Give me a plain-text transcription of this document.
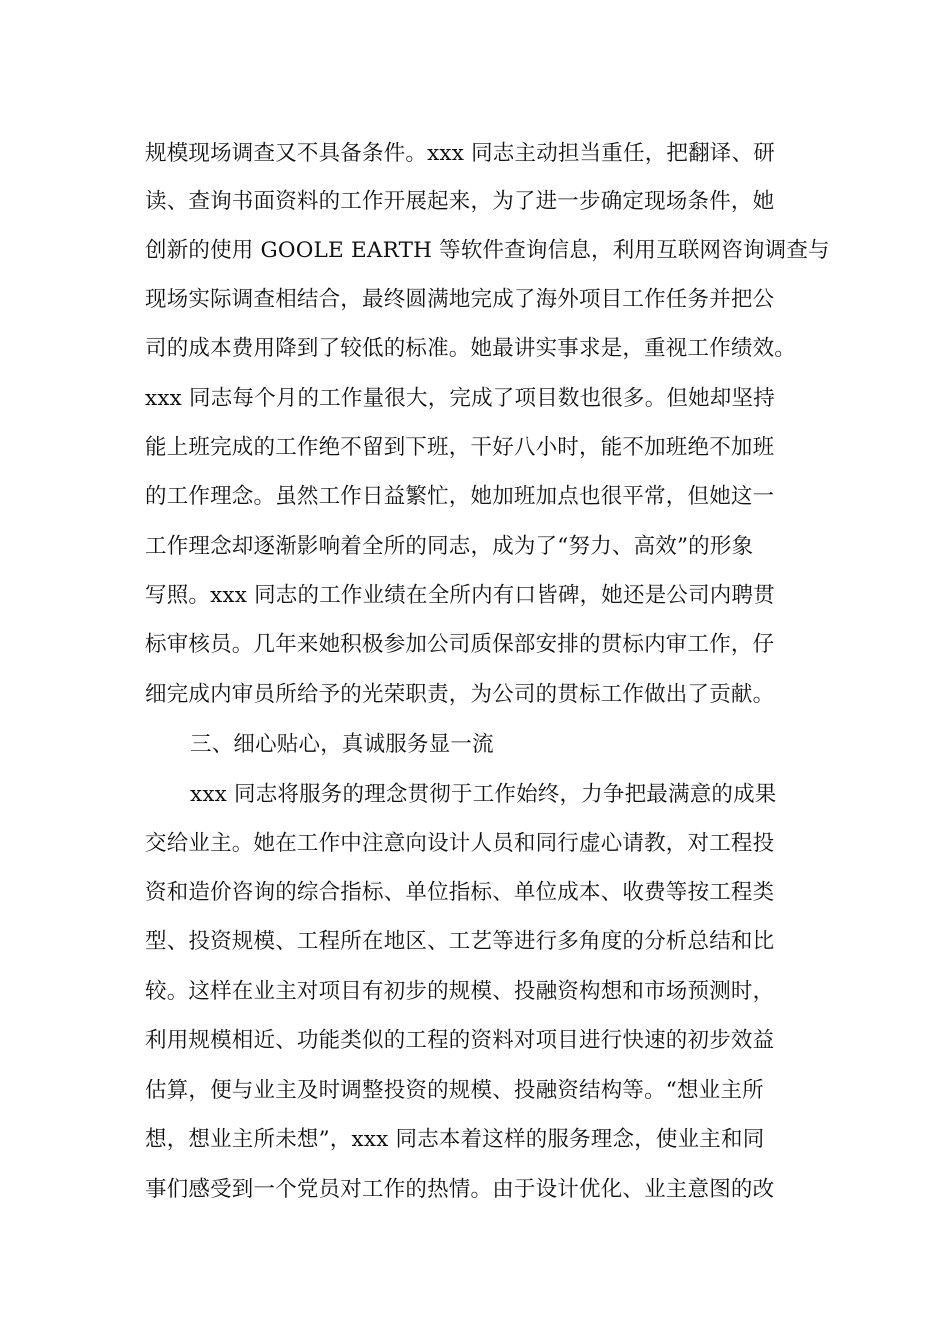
规模现场调查又不具备条件。xxx 同志主动担当重任，把翻译、研
读、查询书面资料的工作开展起来，为了进一步确定现场条件，她
创新的使用 GOOLE EARTH 等软件查询信息，利用互联网咨询调查与
现场实际调查相结合，最终圆满地完成了海外项目工作任务并把公
司的成本费用降到了较低的标准。她最讲实事求是，重视工作绩效。
xxx 同志每个月的工作量很大，完成了项目数也很多。但她却坚持
能上班完成的工作绝不留到下班，干好八小时，能不加班绝不加班
的工作理念。虽然工作日益繁忙，她加班加点也很平常，但她这一
工作理念却逐渐影响着全所的同志，成为了“努力、高效”的形象
写照。xxx 同志的工作业绩在全所内有口皆碑，她还是公司内聘贯
标审核员。几年来她积极参加公司质保部安排的贯标内审工作，仔
细完成内审员所给予的光荣职责，为公司的贯标工作做出了贡献。
三、细心贴心，真诚服务显一流
xxx 同志将服务的理念贯彻于工作始终，力争把最满意的成果
交给业主。她在工作中注意向设计人员和同行虚心请教，对工程投
资和造价咨询的综合指标、单位指标、单位成本、收费等按工程类
型、投资规模、工程所在地区、工艺等进行多角度的分析总结和比
较。这样在业主对项目有初步的规模、投融资构想和市场预测时，
利用规模相近、功能类似的工程的资料对项目进行快速的初步效益
估算，便与业主及时调整投资的规模、投融资结构等。“想业主所
想，想业主所未想”，xxx 同志本着这样的服务理念，使业主和同
事们感受到一个党员对工作的热情。由于设计优化、业主意图的改
